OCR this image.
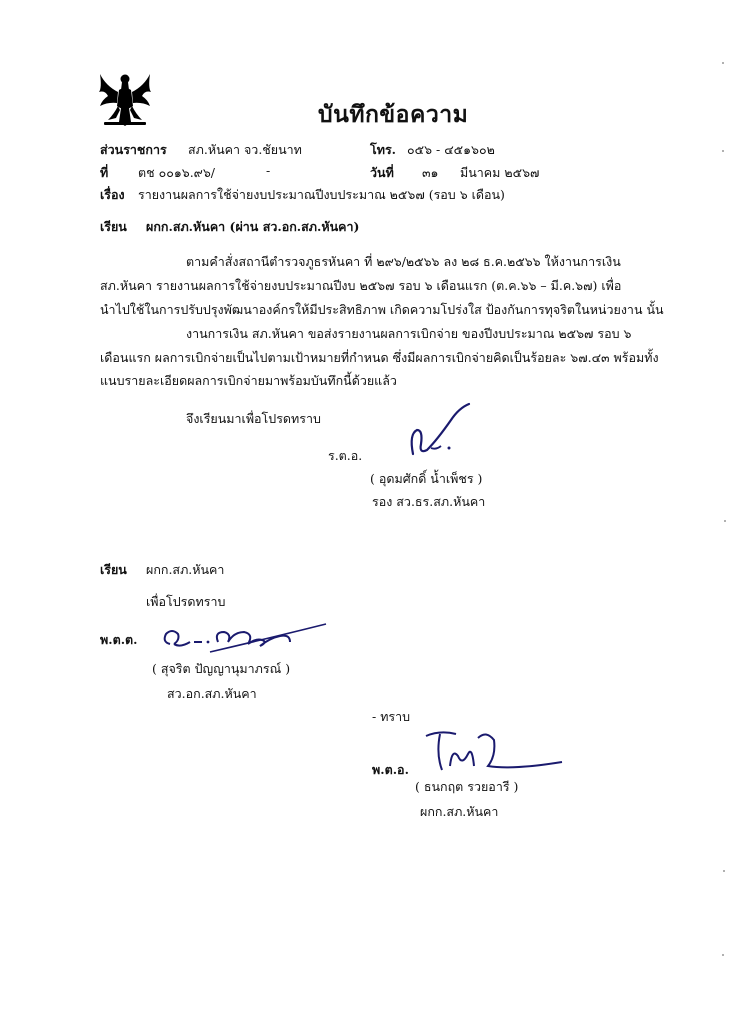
บันทึกข้อความ
ส่วนราชการ สภ.หันคา จว.ชัยนาท	โทร. ๐๕๖ - ๔๕๑๖๐๒
ที่ ตช ๐๐๑๖.๙๖/	-	วันที่ ๓๑ มีนาคม ๒๕๖๗
เรื่อง รายงานผลการใช้จ่ายงบประมาณปีงบประมาณ ๒๕๖๗ (รอบ ๖ เดือน)
เรียน ผกก.สภ.หันคา (ผ่าน สว.อก.สภ.หันคา)
ตามคำสั่งสถานีตำรวจภูธรหันคา ที่ ๒๙๖/๒๕๖๖ ลง ๒๘ ธ.ค.๒๕๖๖ ให้งานการเงิน
สภ.หันคา รายงานผลการใช้จ่ายงบประมาณปีงบ ๒๕๖๗ รอบ ๖ เดือนแรก (ต.ค.๖๖ – มี.ค.๖๗) เพื่อ
นำไปใช้ในการปรับปรุงพัฒนาองค์กรให้มีประสิทธิภาพ เกิดความโปร่งใส ป้องกันการทุจริตในหน่วยงาน นั้น
งานการเงิน สภ.หันคา ขอส่งรายงานผลการเบิกจ่าย ของปีงบประมาณ ๒๕๖๗ รอบ ๖
เดือนแรก ผลการเบิกจ่ายเป็นไปตามเป้าหมายที่กำหนด ซึ่งมีผลการเบิกจ่ายคิดเป็นร้อยละ ๖๗.๔๓ พร้อมทั้ง
แนบรายละเอียดผลการเบิกจ่ายมาพร้อมบันทึกนี้ด้วยแล้ว
จึงเรียนมาเพื่อโปรดทราบ
ร.ต.อ.
( อุดมศักดิ์ น้ำเพ็ชร )
รอง สว.ธร.สภ.หันคา
เรียน ผกก.สภ.หันคา
เพื่อโปรดทราบ
พ.ต.ต.
( สุจริต ปัญญานุมาภรณ์ )
สว.อก.สภ.หันคา
- ทราบ
พ.ต.อ.
( ธนกฤต รวยอารี )
ผกก.สภ.หันคา
